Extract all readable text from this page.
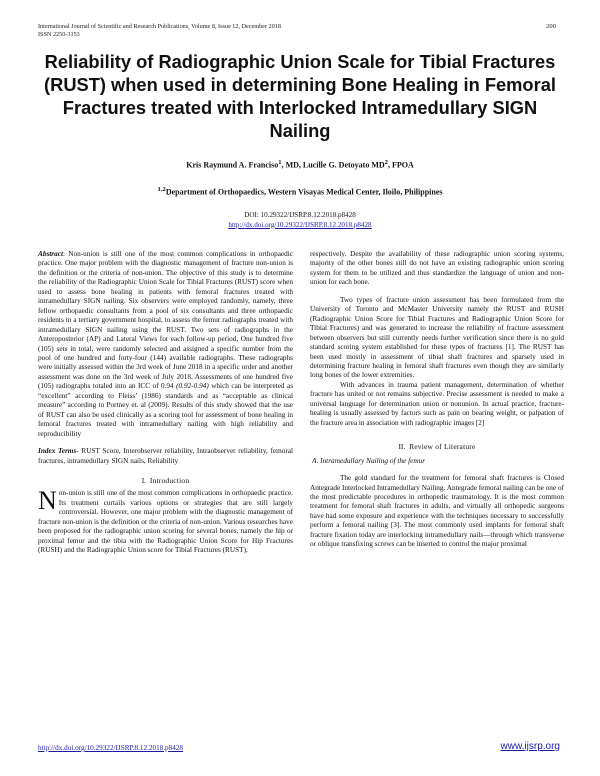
International Journal of Scientific and Research Publications, Volume 8, Issue 12, December 2018
ISSN 2250-3153
200
Reliability of Radiographic Union Scale for Tibial Fractures (RUST) when used in determining Bone Healing in Femoral Fractures treated with Interlocked Intramedullary SIGN Nailing
Kris Raymund A. Franciso$^1$, MD, Lucille G. Detoyato $MD^2$, FPOA
$^{1,2}$Department of Orthopaedics, Western Visayas Medical Center, Iloilo, Philippines
DOI: 10.29322/IJSRP.8.12.2018.p8428
http://dx.doi.org/10.29322/IJSRP.8.12.2018.p8428

Abstract: Non-union is still one of the most common complications in orthopaedic practice. One major problem with the diagnostic management of fracture non-union is the definition or the criteria of non-union. The objective of this study is to determine the reliability of the Radiographic Union Scale for Tibial Fractures (RUST) score when used to assess bone healing in patients with femoral fractures treated with intramedullary SIGN nailing. Six observers were employed randomly, namely, three fellow orthopaedic consultants from a pool of six consultants and three orthopaedic residents in a tertiary government hospital, to assess the femur radiographs treated with intramedullary SIGN nailing using the RUST. Two sets of radiographs in the Anteroposterior (AP) and Lateral Views for each follow-up period, One hundred five (105) sets in total, were randomly selected and assigned a specific number from the pool of one hundred and forty-four (144) available radiographs. These radiographs were initially assessed within the 3rd week of June 2018 in a specific order and another assessment was done on the 3rd week of July 2018. Assessments of one hundred five (105) radiographs totaled into an ICC of 0.94 (0.92-0.94) which can be interpreted as “excellent” according to Fleiss’ (1986) standards and as “acceptable as clinical measure” according to Portney et. al (2009). Results of this study showed that the use of RUST can also be used clinically as a scoring tool for assessment of bone healing in femoral fractures treated with intramedullary nailing with high reliability and reproducibility

Index Terms- RUST Score, Interobserver reliability, Intraobserver reliability, femoral fractures, intramedullary SIGN nails, Reliability

I. Introduction

Non-union is still one of the most common complications in orthopaedic practice. Its treatment curtails various options or strategies that are still largely controversial. However, one major problem with the diagnostic management of fracture non-union is the definition or the criteria of non-union. Various researches have been proposed for the radiographic union scoring for several bones, namely the hip or proximal femur and the tibia with the Radiographic Union Score for Hip Fractures (RUSH) and the Radiographic Union score for Tibial Fractures (RUST),

respectively. Despite the availability of these radiographic union scoring systems, majority of the other bones still do not have an existing radiographic union scoring system for them to be utilized and thus standardize the language of union and non-union for each bone.

Two types of fracture union assessment has been formulated from the University of Toronto and McMaster University namely the RUST and RUSH (Radiographic Union Score for Tibial Fractures and Radiographic Union Score for Tibial Fractures) and was generated to increase the reliability of fracture assessment between observers but still currently needs further verification since there is no gold standard scoring system established for these types of fractures [1]. The RUST has been used mostly in assessment of tibial shaft fractures and sparsely used in determining fracture healing in femoral shaft fractures even though they are similarly long bones of the lower extremities.

With advances in trauma patient management, determination of whether fracture has united or not remains subjective. Precise assessment is needed to make a universal language for determination union or nonunion. In actual practice, fracture-healing is usually assessed by factors such as pain on bearing weight, or palpation of the fracture area in association with radiographic images [2]

II. Review of Literature
A. Intramedullary Nailing of the femur

The gold standard for the treatment for femoral shaft fractures is Closed Antegrade Interlocked Intramedullary Nailing. Antegrade femoral nailing can be one of the most predictable procedures in orthopedic traumatology. It is the most common treatment for femoral shaft fractures in adults, and virtually all orthopedic surgeons have had some exposure and experience with the techniques necessary to successfully perform a femoral nailing [3]. The most commonly used implants for femoral shaft fracture fixation today are interlocking intramedullary nails—through which transverse or oblique transfixing screws can be inserted to control the major proximal

http://dx.doi.org/10.29322/IJSRP.8.12.2018.p8428	www.ijsrp.org
